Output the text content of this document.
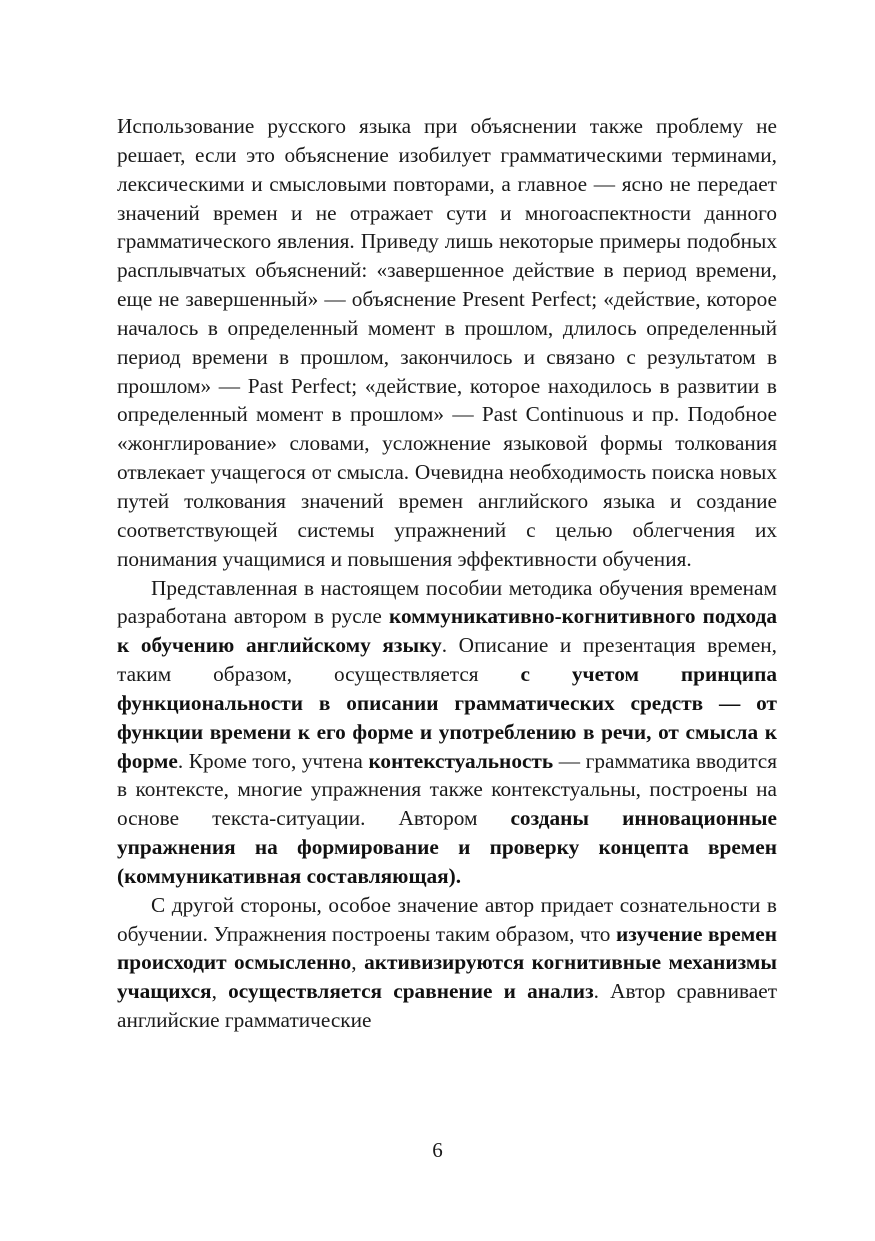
Использование русского языка при объяснении также проблему не решает, если это объяснение изобилует грамматическими терминами, лексическими и смысловыми повторами, а главное — ясно не передает значений времен и не отражает сути и многоаспектности данного грамматического явления. Приведу лишь некоторые примеры подобных расплывчатых объяснений: «завершенное действие в период времени, еще не завершенный» — объяснение Present Perfect; «действие, которое началось в определенный момент в прошлом, длилось определенный период времени в прошлом, закончилось и связано с результатом в прошлом» — Past Perfect; «действие, которое находилось в развитии в определенный момент в прошлом» — Past Continuous и пр. Подобное «жонглирование» словами, усложнение языковой формы толкования отвлекает учащегося от смысла. Очевидна необходимость поиска новых путей толкования значений времен английского языка и создание соответствующей системы упражнений с целью облегчения их понимания учащимися и повышения эффективности обучения.

Представленная в настоящем пособии методика обучения временам разработана автором в русле коммуникативно-когнитивного подхода к обучению английскому языку. Описание и презентация времен, таким образом, осуществляется с учетом принципа функциональности в описании грамматических средств — от функции времени к его форме и употреблению в речи, от смысла к форме. Кроме того, учтена контекстуальность — грамматика вводится в контексте, многие упражнения также контекстуальны, построены на основе текста-ситуации. Автором созданы инновационные упражнения на формирование и проверку концепта времен (коммуникативная составляющая).

С другой стороны, особое значение автор придает сознательности в обучении. Упражнения построены таким образом, что изучение времен происходит осмысленно, активизируются когнитивные механизмы учащихся, осуществляется сравнение и анализ. Автор сравнивает английские грамматические

6
